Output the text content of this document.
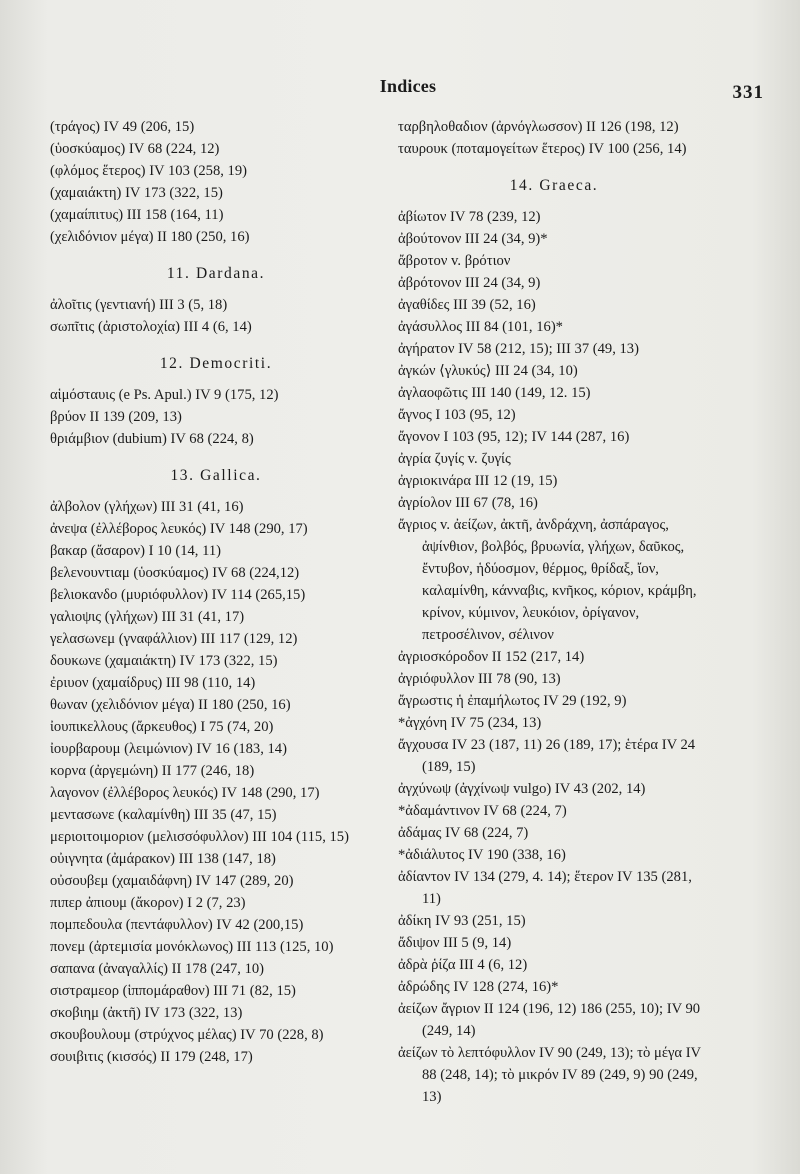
Indices	331
(τράγος) IV 49 (206, 15)
(ὑοσκύαμος) IV 68 (224, 12)
(φλόμος ἕτερος) IV 103 (258, 19)
(χαμαιάκτη) IV 173 (322, 15)
(χαμαίπιτυς) III 158 (164, 11)
(χελιδόνιον μέγα) II 180 (250, 16)
11. Dardana.
ἀλοῖτις (γεντιανή) III 3 (5, 18)
σωπῖτις (ἀριστολοχία) III 4 (6, 14)
12. Democriti.
αἱμόσταυις (e Ps. Apul.) IV 9 (175, 12)
βρύον II 139 (209, 13)
θριάμβιον (dubium) IV 68 (224, 8)
13. Gallica.
ἀλβολον (γλήχων) III 31 (41, 16)
ἀνεψα (ἐλλέβορος λευκός) IV 148 (290, 17)
βακαρ (ἄσαρον) I 10 (14, 11)
βελενουντιαμ (ὑοσκύαμος) IV 68 (224,12)
βελιοκανδο (μυριόφυλλον) IV 114 (265,15)
γαλιοψις (γλήχων) III 31 (41, 17)
γελασωνεμ (γναφάλλιον) III 117 (129, 12)
δουκωνε (χαμαιάκτη) IV 173 (322, 15)
ἐριυον (χαμαίδρυς) III 98 (110, 14)
θωναν (χελιδόνιον μέγα) II 180 (250, 16)
ἰουπικελλους (ἄρκευθος) I 75 (74, 20)
ἰουρβαρουμ (λειμώνιον) IV 16 (183, 14)
κορνα (ἀργεμώνη) II 177 (246, 18)
λαγονον (ἐλλέβορος λευκός) IV 148 (290, 17)
μεντασωνε (καλαμίνθη) III 35 (47, 15)
μεριοιτοιμοριον (μελισσόφυλλον) III 104 (115, 15)
οὐιγνητα (ἀμάρακον) III 138 (147, 18)
οὐσουβεμ (χαμαιδάφνη) IV 147 (289, 20)
πιπερ ἀπιουμ (ἄκορον) I 2 (7, 23)
πομπεδουλα (πεντάφυλλον) IV 42 (200,15)
πονεμ (ἀρτεμισία μονόκλωνος) III 113 (125, 10)
σαπανα (ἀναγαλλίς) II 178 (247, 10)
σιστραμεορ (ἱππομάραθον) III 71 (82, 15)
σκοβιημ (ἀκτῆ) IV 173 (322, 13)
σκουβουλουμ (στρύχνος μέλας) IV 70 (228, 8)
σουιβιτις (κισσός) II 179 (248, 17)
ταρβηλοθαδιον (ἀρνόγλωσσον) II 126 (198, 12)
ταυρουκ (ποταμογείτων ἕτερος) IV 100 (256, 14)
14. Graeca.
ἀβίωτον IV 78 (239, 12)
ἀβούτονον III 24 (34, 9)*
ἄβροτον v. βρότιον
ἀβρότονον III 24 (34, 9)
ἀγαθίδες III 39 (52, 16)
ἀγάσυλλος III 84 (101, 16)*
ἀγήρατον IV 58 (212, 15); III 37 (49, 13)
ἀγκών ⟨γλυκύς⟩ III 24 (34, 10)
ἀγλαοφῶτις III 140 (149, 12. 15)
ἄγνος I 103 (95, 12)
ἄγονον I 103 (95, 12); IV 144 (287, 16)
ἀγρία ζυγίς v. ζυγίς
ἀγριοκινάρα III 12 (19, 15)
ἀγρίολον III 67 (78, 16)
ἄγριος v. ἀείζων, ἀκτῆ, ἀνδράχνη, ἀσπάραγος, ἀψίνθιον, βολβός, βρυωνία, γλήχων, δαῦκος, ἔντυβον, ἡδύοσμον, θέρμος, θρίδαξ, ἴον, καλαμίνθη, κάνναβις, κνῆκος, κόριον, κράμβη, κρίνον, κύμινον, λευκόιον, ὀρίγανον, πετροσέλινον, σέλινον
ἀγριοσκόροδον II 152 (217, 14)
ἀγριόφυλλον III 78 (90, 13)
ἄγρωστις ἡ ἐπαμήλωτος IV 29 (192, 9)
*ἀγχόνη IV 75 (234, 13)
ἄγχουσα IV 23 (187, 11) 26 (189, 17); ἑτέρα IV 24 (189, 15)
ἀγχύνωψ (ἀγχίνωψ vulgo) IV 43 (202, 14)
*ἀδαμάντινον IV 68 (224, 7)
ἀδάμας IV 68 (224, 7)
*ἀδιάλυτος IV 190 (338, 16)
ἀδίαντον IV 134 (279, 4. 14); ἕτερον IV 135 (281, 11)
ἀδίκη IV 93 (251, 15)
ἄδιψον III 5 (9, 14)
ἀδρὰ ῥίζα III 4 (6, 12)
ἀδρώδης IV 128 (274, 16)*
ἀείζων ἄγριον II 124 (196, 12) 186 (255, 10); IV 90 (249, 14)
ἀείζων τὸ λεπτόφυλλον IV 90 (249, 13); τὸ μέγα IV 88 (248, 14); τὸ μικρόν IV 89 (249, 9) 90 (249, 13)
